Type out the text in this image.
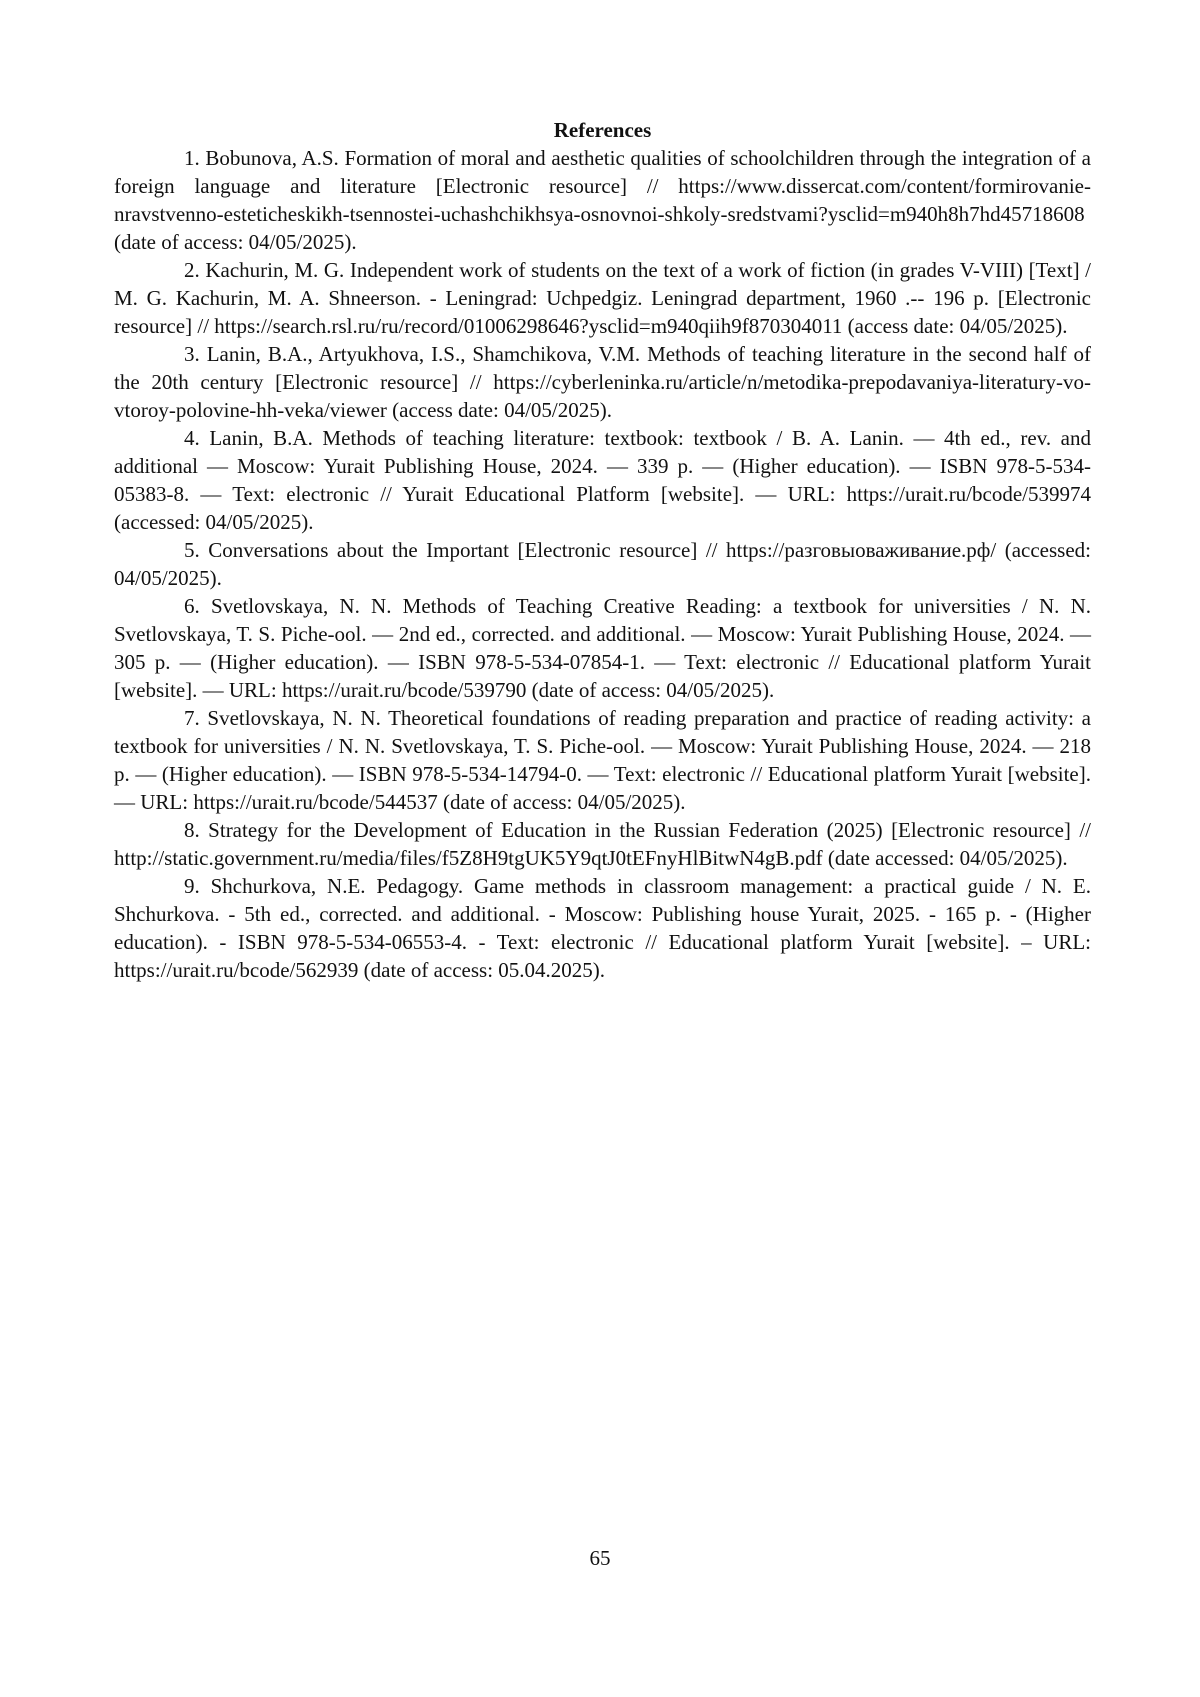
References
1. Bobunova, A.S. Formation of moral and aesthetic qualities of schoolchildren through the integration of a foreign language and literature [Electronic resource] // https://www.dissercat.com/content/formirovanie-nravstvenno-esteticheskikh-tsennostei-uchashchikhsya-osnovnoi-shkoly-sredstvami?ysclid=m940h8h7hd45718608 (date of access: 04/05/2025).
2. Kachurin, M. G. Independent work of students on the text of a work of fiction (in grades V-VIII) [Text] / M. G. Kachurin, M. A. Shneerson. - Leningrad: Uchpedgiz. Leningrad department, 1960 .-- 196 p. [Electronic resource] // https://search.rsl.ru/ru/record/01006298646?ysclid=m940qiih9f870304011 (access date: 04/05/2025).
3. Lanin, B.A., Artyukhova, I.S., Shamchikova, V.M. Methods of teaching literature in the second half of the 20th century [Electronic resource] // https://cyberleninka.ru/article/n/metodika-prepodavaniya-literatury-vo-vtoroy-polovine-hh-veka/viewer (access date: 04/05/2025).
4. Lanin, B.A. Methods of teaching literature: textbook: textbook / B. A. Lanin. — 4th ed., rev. and additional — Moscow: Yurait Publishing House, 2024. — 339 p. — (Higher education). — ISBN 978-5-534-05383-8. — Text: electronic // Yurait Educational Platform [website]. — URL: https://urait.ru/bcode/539974 (accessed: 04/05/2025).
5. Conversations about the Important [Electronic resource] // https://разговыоваживание.рф/ (accessed: 04/05/2025).
6. Svetlovskaya, N. N. Methods of Teaching Creative Reading: a textbook for universities / N. N. Svetlovskaya, T. S. Piche-ool. — 2nd ed., corrected. and additional. — Moscow: Yurait Publishing House, 2024. — 305 p. — (Higher education). — ISBN 978-5-534-07854-1. — Text: electronic // Educational platform Yurait [website]. — URL: https://urait.ru/bcode/539790 (date of access: 04/05/2025).
7. Svetlovskaya, N. N. Theoretical foundations of reading preparation and practice of reading activity: a textbook for universities / N. N. Svetlovskaya, T. S. Piche-ool. — Moscow: Yurait Publishing House, 2024. — 218 p. — (Higher education). — ISBN 978-5-534-14794-0. — Text: electronic // Educational platform Yurait [website]. — URL: https://urait.ru/bcode/544537 (date of access: 04/05/2025).
8. Strategy for the Development of Education in the Russian Federation (2025) [Electronic resource] // http://static.government.ru/media/files/f5Z8H9tgUK5Y9qtJ0tEFnyHlBitwN4gB.pdf (date accessed: 04/05/2025).
9. Shchurkova, N.E. Pedagogy. Game methods in classroom management: a practical guide / N. E. Shchurkova. - 5th ed., corrected. and additional. - Moscow: Publishing house Yurait, 2025. - 165 p. - (Higher education). - ISBN 978-5-534-06553-4. - Text: electronic // Educational platform Yurait [website]. – URL: https://urait.ru/bcode/562939 (date of access: 05.04.2025).
65
